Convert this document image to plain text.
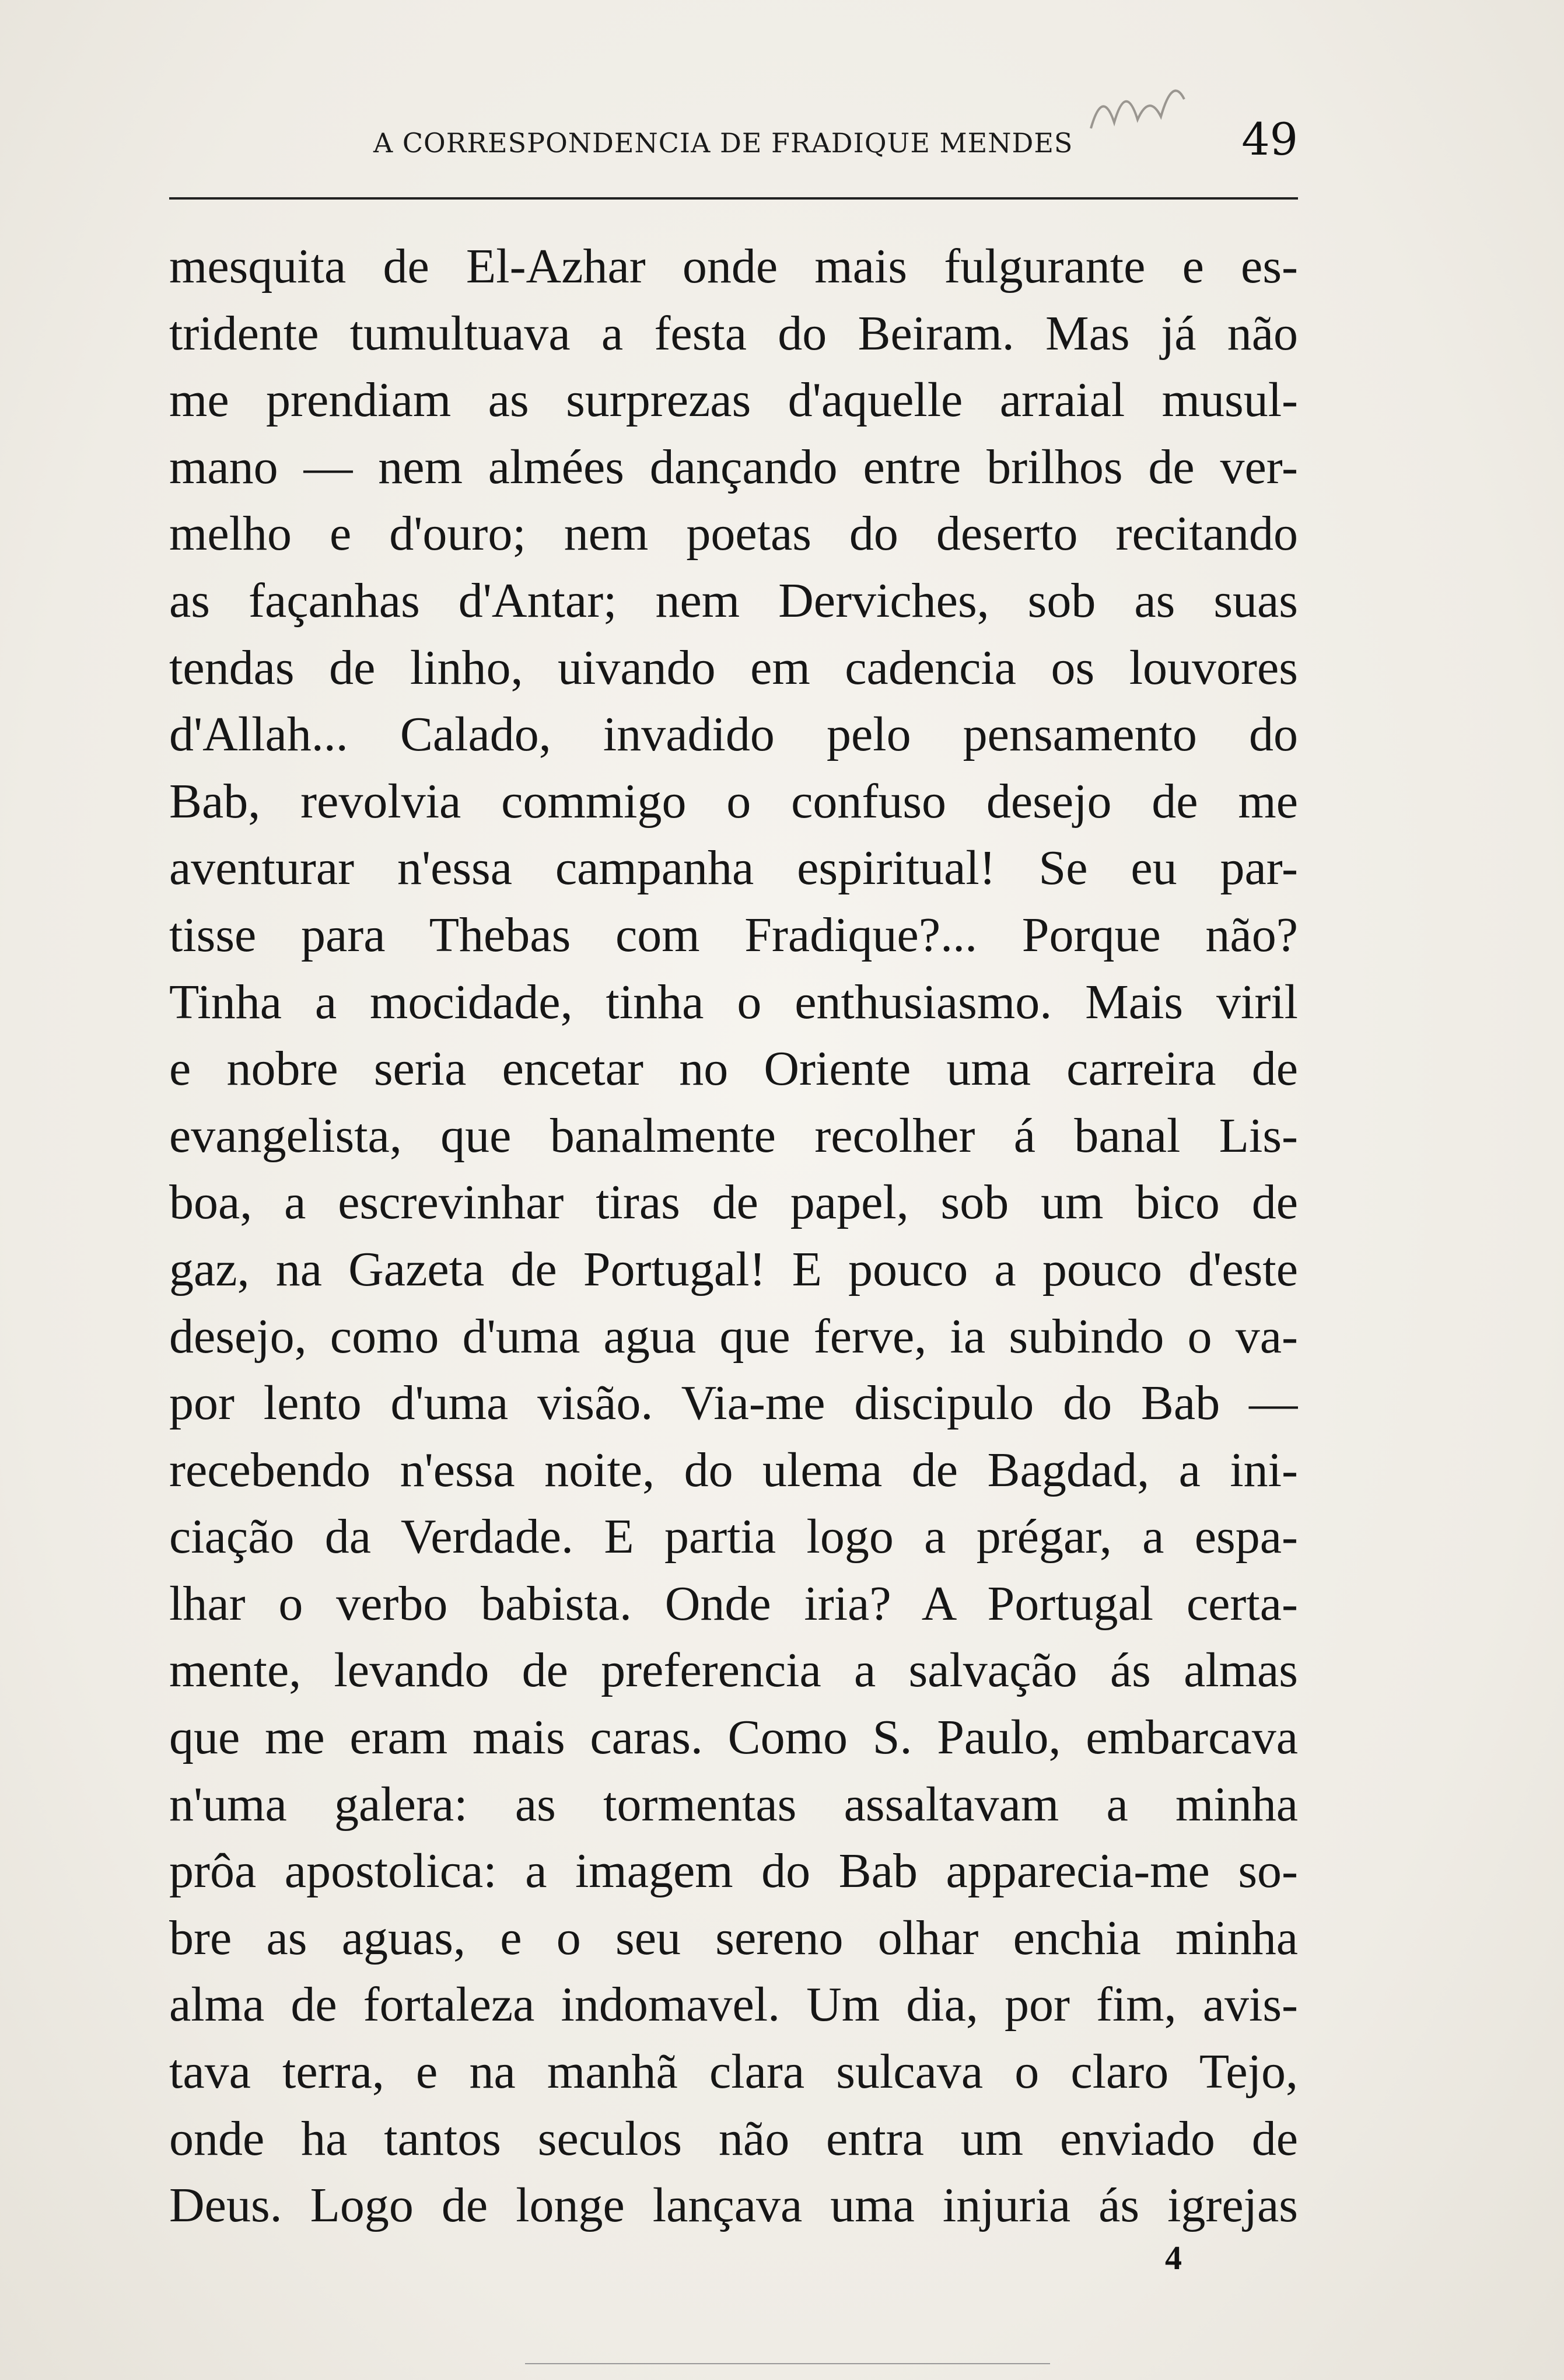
A CORRESPONDENCIA DE FRADIQUE MENDES	49
mesquita de El-Azhar onde mais fulgurante e es-
tridente tumultuava a festa do Beiram. Mas já não
me prendiam as surprezas d'aquelle arraial musul-
mano — nem almées dançando entre brilhos de ver-
melho e d'ouro; nem poetas do deserto recitando
as façanhas d'Antar; nem Derviches, sob as suas
tendas de linho, uivando em cadencia os louvores
d'Allah... Calado, invadido pelo pensamento do
Bab, revolvia commigo o confuso desejo de me
aventurar n'essa campanha espiritual! Se eu par-
tisse para Thebas com Fradique?... Porque não?
Tinha a mocidade, tinha o enthusiasmo. Mais viril
e nobre seria encetar no Oriente uma carreira de
evangelista, que banalmente recolher á banal Lis-
boa, a escrevinhar tiras de papel, sob um bico de
gaz, na Gazeta de Portugal! E pouco a pouco d'este
desejo, como d'uma agua que ferve, ia subindo o va-
por lento d'uma visão. Via-me discipulo do Bab —
recebendo n'essa noite, do ulema de Bagdad, a ini-
ciação da Verdade. E partia logo a prégar, a espa-
lhar o verbo babista. Onde iria? A Portugal certa-
mente, levando de preferencia a salvação ás almas
que me eram mais caras. Como S. Paulo, embarcava
n'uma galera: as tormentas assaltavam a minha
prôa apostolica: a imagem do Bab apparecia-me so-
bre as aguas, e o seu sereno olhar enchia minha
alma de fortaleza indomavel. Um dia, por fim, avis-
tava terra, e na manhã clara sulcava o claro Tejo,
onde ha tantos seculos não entra um enviado de
Deus. Logo de longe lançava uma injuria ás igrejas
4
